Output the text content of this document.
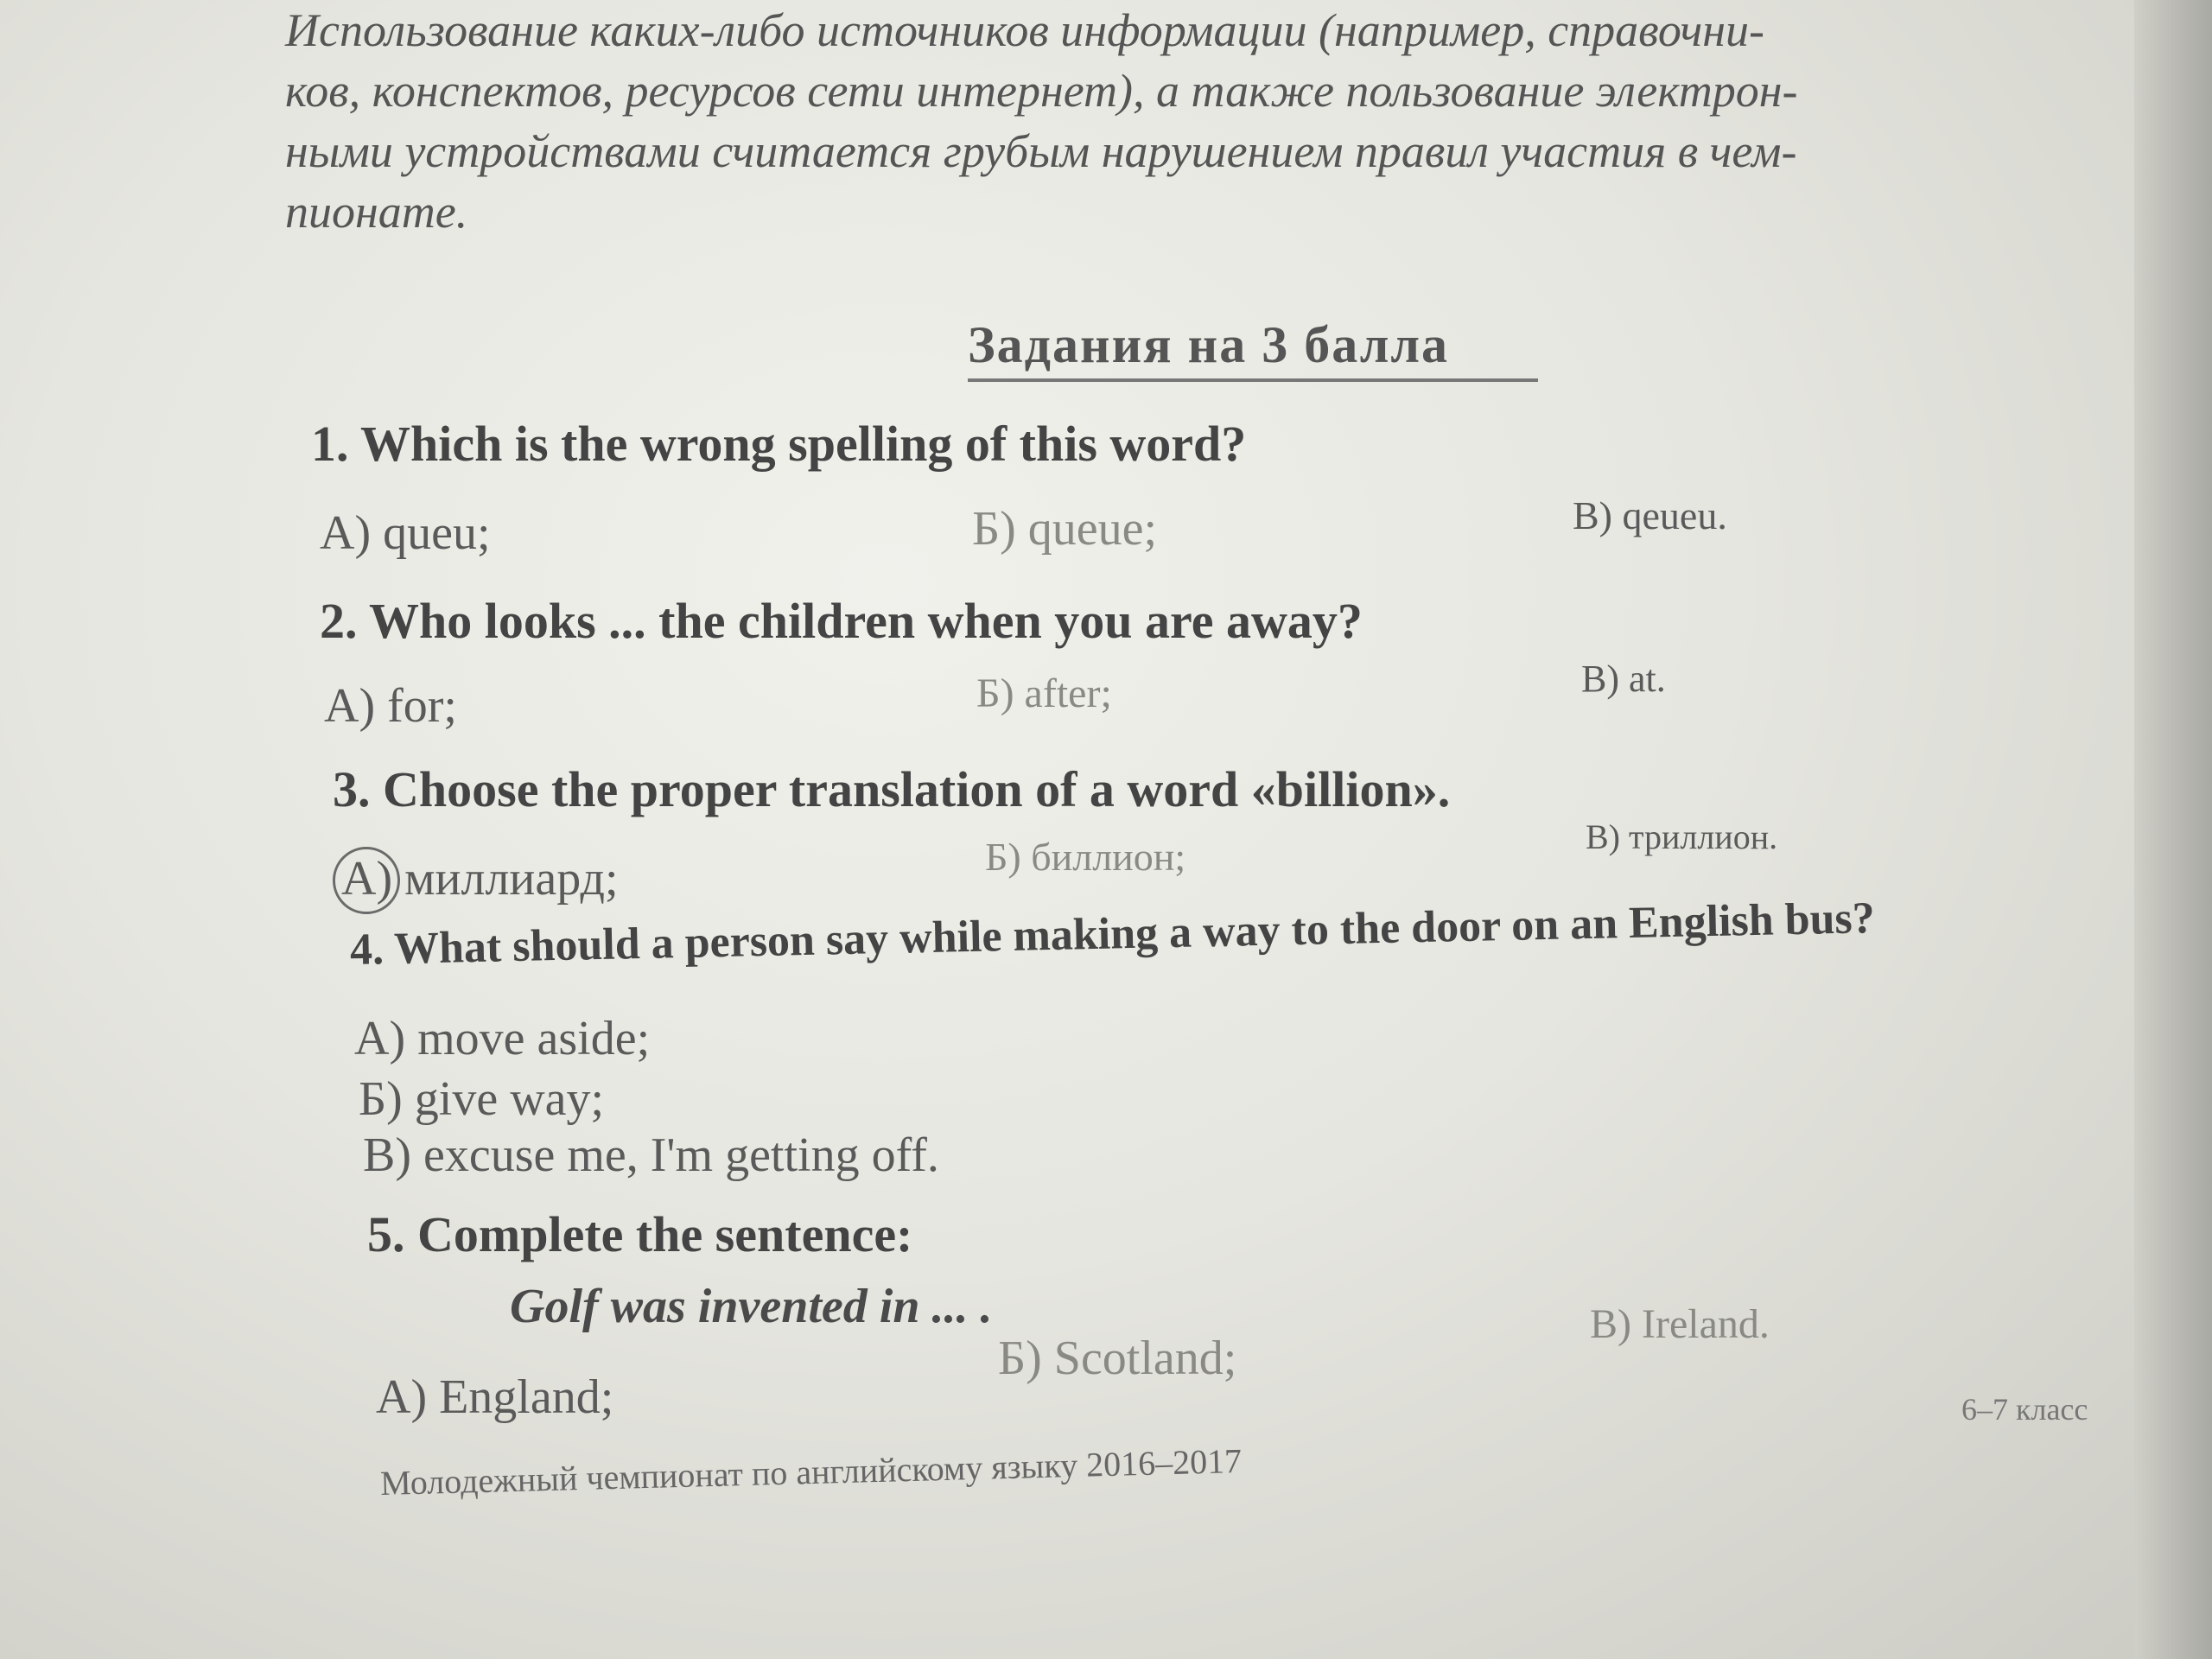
Использование каких-либо источников информации (например, справочни-

ков, конспектов, ресурсов сети интернет), а также пользование электрон-

ными устройствами считается грубым нарушением правил участия в чем-

пионате.

Задания на 3 балла
1. Which is the wrong spelling of this word?
А) queu;	Б) queue;	В) qeueu.
2. Who looks ... the children when you are away?
А) for;	Б) after;	В) at.
3. Choose the proper translation of a word «billion».
А) миллиард;	Б) биллион;	В) триллион.
4. What should a person say while making a way to the door on an English bus?
А) move aside;
Б) give way;
В) excuse me, I'm getting off.
5. Complete the sentence:
Golf was invented in ... .
А) England;
Б) Scotland;
В) Ireland.
6–7 класс
Молодежный чемпионат по английскому языку 2016–2017
